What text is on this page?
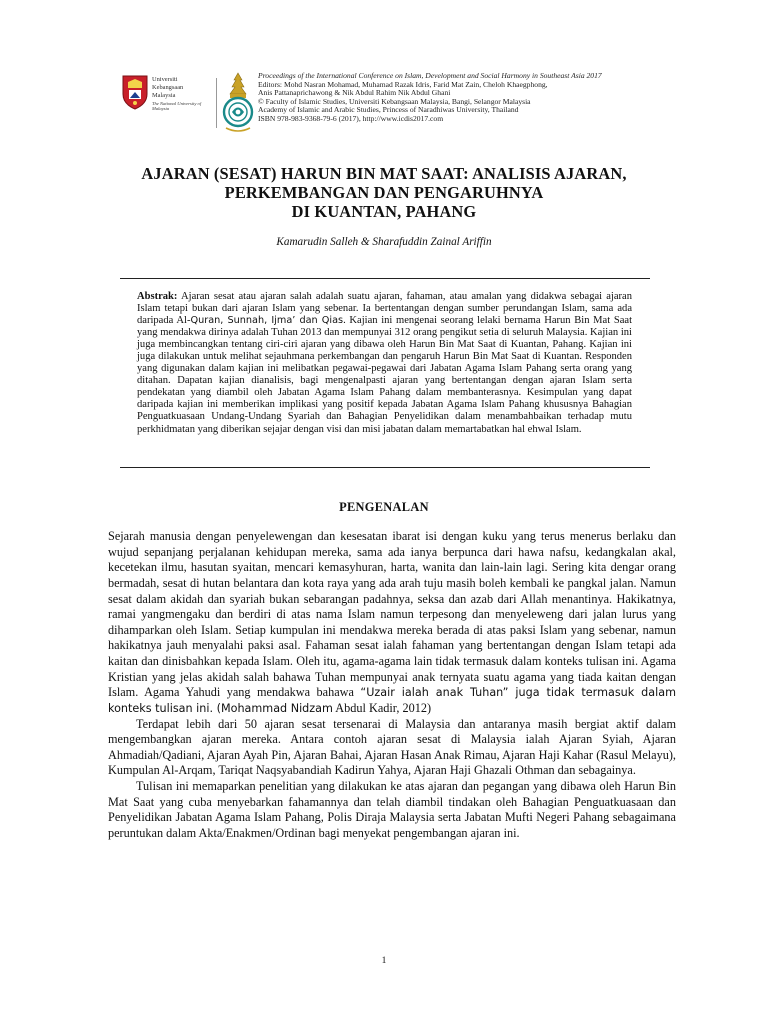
Universiti
Kebangsaan
Malaysia
The National University of Malaysia
Proceedings of the International Conference on Islam, Development and Social Harmony in Southeast Asia 2017
Editors: Mohd Nasran Mohamad, Muhamad Razak Idris, Farid Mat Zain, Cheloh Khaegphong,
Anis Pattanaprichawong & Nik Abdul Rahim Nik Abdul Ghani
© Faculty of Islamic Studies, Universiti Kebangsaan Malaysia, Bangi, Selangor Malaysia
Academy of Islamic and Arabic Studies, Princess of Naradhiwas University, Thailand
ISBN 978-983-9368-79-6 (2017), http://www.icdis2017.com
AJARAN (SESAT) HARUN BIN MAT SAAT: ANALISIS AJARAN,
PERKEMBANGAN DAN PENGARUHNYA
DI KUANTAN, PAHANG
Kamarudin Salleh & Sharafuddin Zainal Ariffin
Abstrak: Ajaran sesat atau ajaran salah adalah suatu ajaran, fahaman, atau amalan yang didakwa sebagai ajaran Islam tetapi bukan dari ajaran Islam yang sebenar. Ia bertentangan dengan sumber perundangan Islam, sama ada daripada Al-Quran, Sunnah, Ijma’ dan Qias. Kajian ini mengenai seorang lelaki bernama Harun Bin Mat Saat yang mendakwa dirinya adalah Tuhan 2013 dan mempunyai 312 orang pengikut setia di seluruh Malaysia. Kajian ini juga membincangkan tentang ciri-ciri ajaran yang dibawa oleh Harun Bin Mat Saat di Kuantan, Pahang. Kajian ini juga dilakukan untuk melihat sejauhmana perkembangan dan pengaruh Harun Bin Mat Saat di Kuantan. Responden yang digunakan dalam kajian ini melibatkan pegawai-pegawai dari Jabatan Agama Islam Pahang serta orang yang ditahan. Dapatan kajian dianalisis, bagi mengenalpasti ajaran yang bertentangan dengan ajaran Islam serta pendekatan yang diambil oleh Jabatan Agama Islam Pahang dalam membanterasnya. Kesimpulan yang dapat daripada kajian ini memberikan implikasi yang positif kepada Jabatan Agama Islam Pahang khususnya Bahagian Penguatkuasaan Undang-Undang Syariah dan Bahagian Penyelidikan dalam menambahbaikan terhadap mutu perkhidmatan yang diberikan sejajar dengan visi dan misi jabatan dalam memartabatkan hal ehwal Islam.
PENGENALAN

Sejarah manusia dengan penyelewengan dan kesesatan ibarat isi dengan kuku yang terus menerus berlaku dan wujud sepanjang perjalanan kehidupan mereka, sama ada ianya berpunca dari hawa nafsu, kedangkalan akal, kecetekan ilmu, hasutan syaitan, mencari kemasyhuran, harta, wanita dan lain-lain lagi. Sering kita dengar orang bermadah, sesat di hutan belantara dan kota raya yang ada arah tuju masih boleh kembali ke pangkal jalan. Namun sesat dalam akidah dan syariah bukan sebarangan padahnya, seksa dan azab dari Allah menantinya. Hakikatnya, ramai yangmengaku dan berdiri di atas nama Islam namun terpesong dan menyeleweng dari jalan lurus yang dihamparkan oleh Islam. Setiap kumpulan ini mendakwa mereka berada di atas paksi Islam yang sebenar, namun hakikatnya jauh menyalahi paksi asal. Fahaman sesat ialah fahaman yang bertentangan dengan Islam tetapi ada kaitan dan dinisbahkan kepada Islam. Oleh itu, agama-agama lain tidak termasuk dalam konteks tulisan ini. Agama Kristian yang jelas akidah salah bahawa Tuhan mempunyai anak ternyata suatu agama yang tiada kaitan dengan Islam. Agama Yahudi yang mendakwa bahawa “Uzair ialah anak Tuhan” juga tidak termasuk dalam konteks tulisan ini. (Mohammad Nidzam Abdul Kadir, 2012)

Terdapat lebih dari 50 ajaran sesat tersenarai di Malaysia dan antaranya masih bergiat aktif dalam mengembangkan ajaran mereka. Antara contoh ajaran sesat di Malaysia ialah Ajaran Syiah, Ajaran Ahmadiah/Qadiani, Ajaran Ayah Pin, Ajaran Bahai, Ajaran Hasan Anak Rimau, Ajaran Haji Kahar (Rasul Melayu), Kumpulan Al-Arqam, Tariqat Naqsyabandiah Kadirun Yahya, Ajaran Haji Ghazali Othman dan sebagainya.

Tulisan ini memaparkan penelitian yang dilakukan ke atas ajaran dan pegangan yang dibawa oleh Harun Bin Mat Saat yang cuba menyebarkan fahamannya dan telah diambil tindakan oleh Bahagian Penguatkuasaan dan Penyelidikan Jabatan Agama Islam Pahang, Polis Diraja Malaysia serta Jabatan Mufti Negeri Pahang sebagaimana peruntukan dalam Akta/Enakmen/Ordinan bagi menyekat pengembangan ajaran ini.

1
